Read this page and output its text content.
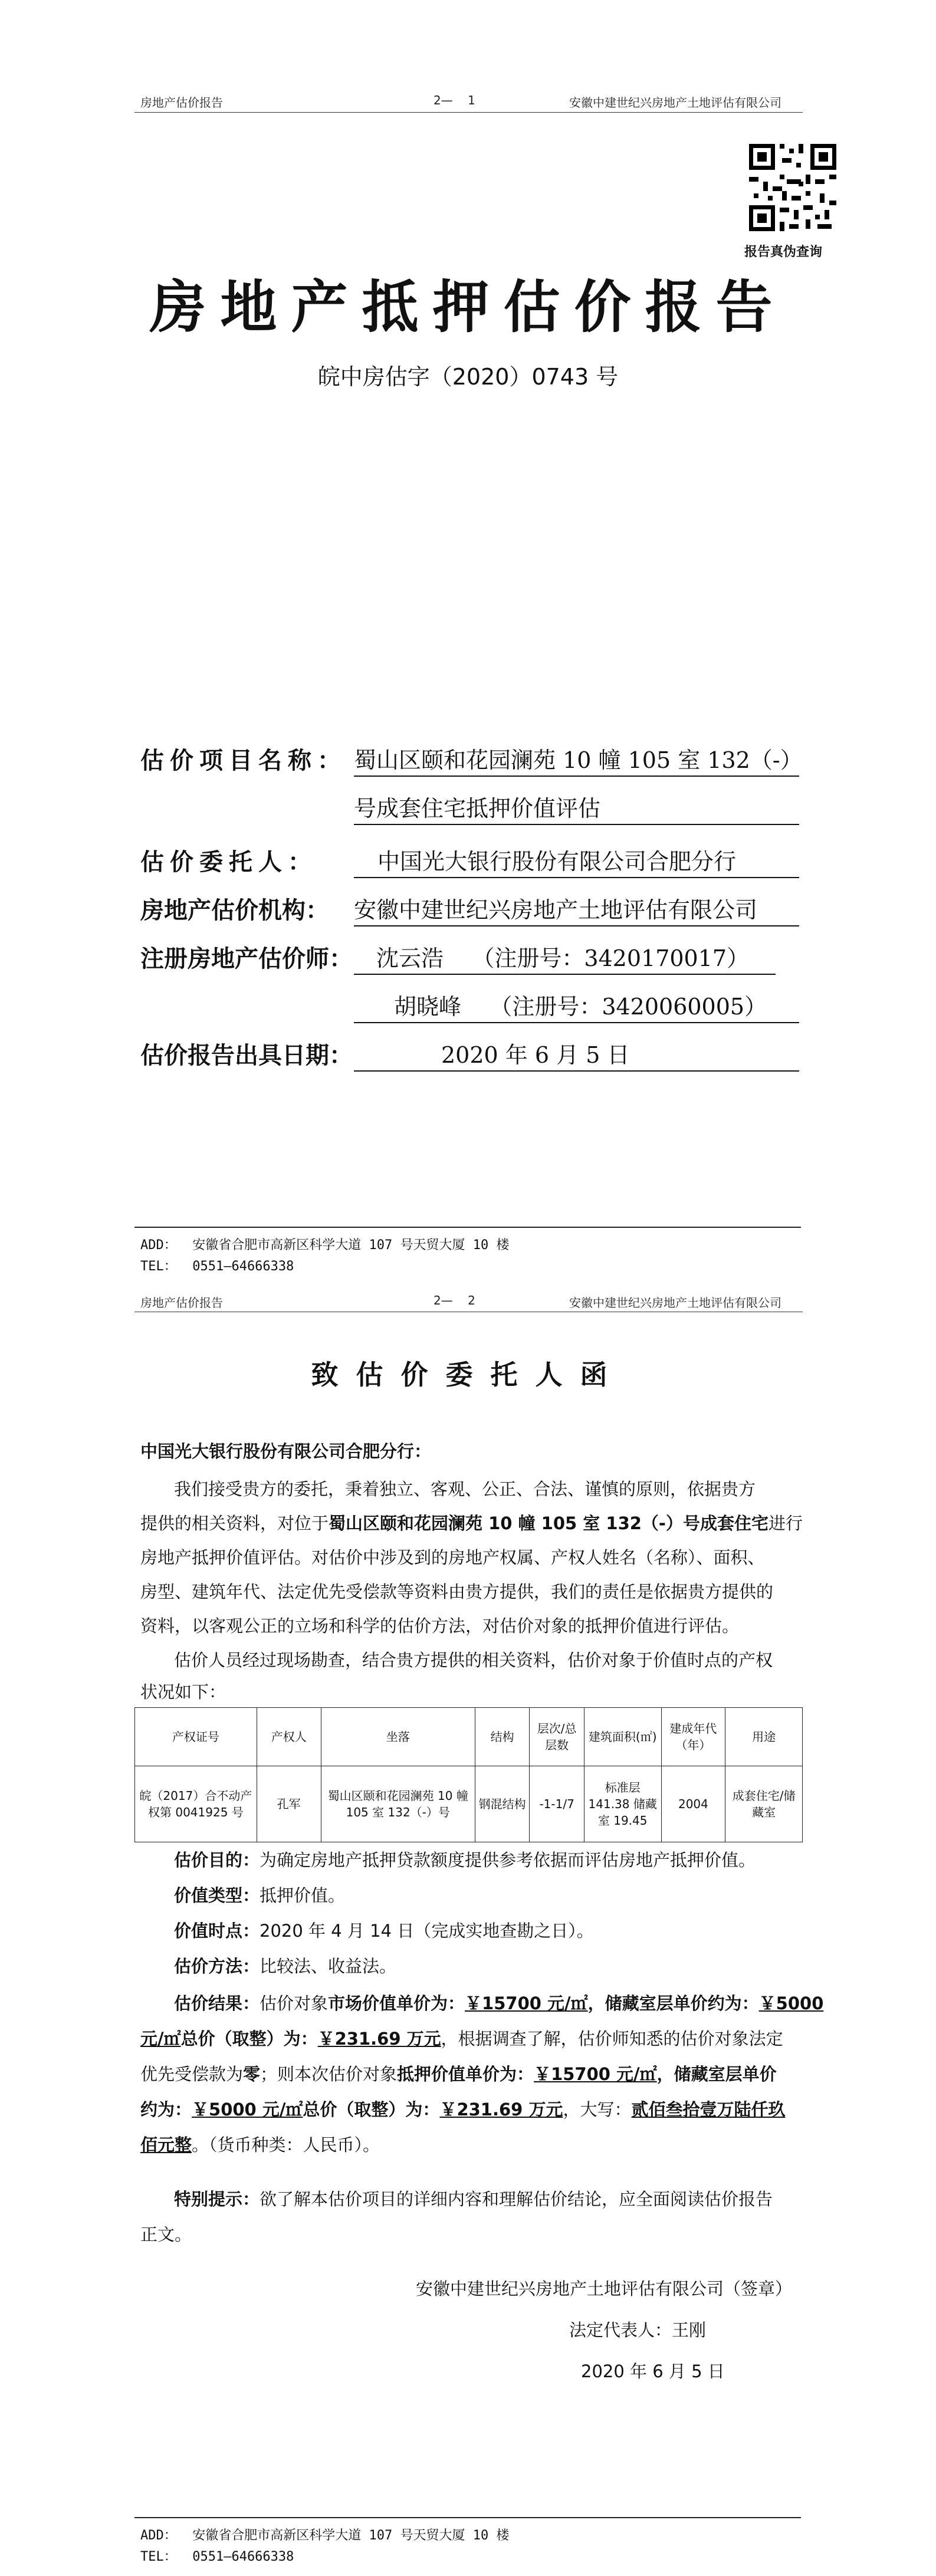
房地产估价报告	2—    1	安徽中建世纪兴房地产土地评估有限公司
报告真伪查询
房地产抵押估价报告
皖中房估字（2020）0743 号
估价项目名称： 蜀山区颐和花园澜苑 10 幢 105 室 132（-）
号成套住宅抵押价值评估
估价委托人：	中国光大银行股份有限公司合肥分行
房地产估价机构： 安徽中建世纪兴房地产土地评估有限公司
注册房地产估价师：	沈云浩    （注册号：3420170017）
胡晓峰    （注册号：3420060005）
估价报告出具日期：	2020 年 6 月 5 日
ADD：  安徽省合肥市高新区科学大道 107 号天贸大厦 10 楼
TEL：  0551—64666338
房地产估价报告	2—    2	安徽中建世纪兴房地产土地评估有限公司
致估价委托人函
中国光大银行股份有限公司合肥分行：
我们接受贵方的委托，秉着独立、客观、公正、合法、谨慎的原则，依据贵方
提供的相关资料，对位于蜀山区颐和花园澜苑 10 幢 105 室 132（-）号成套住宅进行
房地产抵押价值评估。对估价中涉及到的房地产权属、产权人姓名（名称）、面积、
房型、建筑年代、法定优先受偿款等资料由贵方提供，我们的责任是依据贵方提供的
资料，以客观公正的立场和科学的估价方法，对估价对象的抵押价值进行评估。
估价人员经过现场勘查，结合贵方提供的相关资料，估价对象于价值时点的产权
状况如下：
产权证号	产权人	坐落	结构	层次/总层数	建筑面积(㎡)	建成年代（年）	用途
皖（2017）合不动产权第 0041925 号	孔军	蜀山区颐和花园澜苑 10 幢 105 室 132（-）号	钢混结构	-1-1/7	标准层 141.38 储藏室 19.45	2004	成套住宅/储藏室
估价目的：为确定房地产抵押贷款额度提供参考依据而评估房地产抵押价值。
价值类型：抵押价值。
价值时点：2020 年 4 月 14 日（完成实地查勘之日）。
估价方法：比较法、收益法。
估价结果：估价对象市场价值单价为：￥15700 元/㎡，储藏室层单价约为：￥5000
元/㎡总价（取整）为：￥231.69 万元，根据调查了解，估价师知悉的估价对象法定
优先受偿款为零；则本次估价对象抵押价值单价为：￥15700 元/㎡，储藏室层单价
约为：￥5000 元/㎡总价（取整）为：￥231.69 万元，大写：贰佰叁拾壹万陆仟玖
佰元整。（货币种类：人民币）。
特别提示：欲了解本估价项目的详细内容和理解估价结论，应全面阅读估价报告
正文。
安徽中建世纪兴房地产土地评估有限公司（签章）
法定代表人：王刚
2020 年 6 月 5 日
ADD：  安徽省合肥市高新区科学大道 107 号天贸大厦 10 楼
TEL：  0551—64666338
